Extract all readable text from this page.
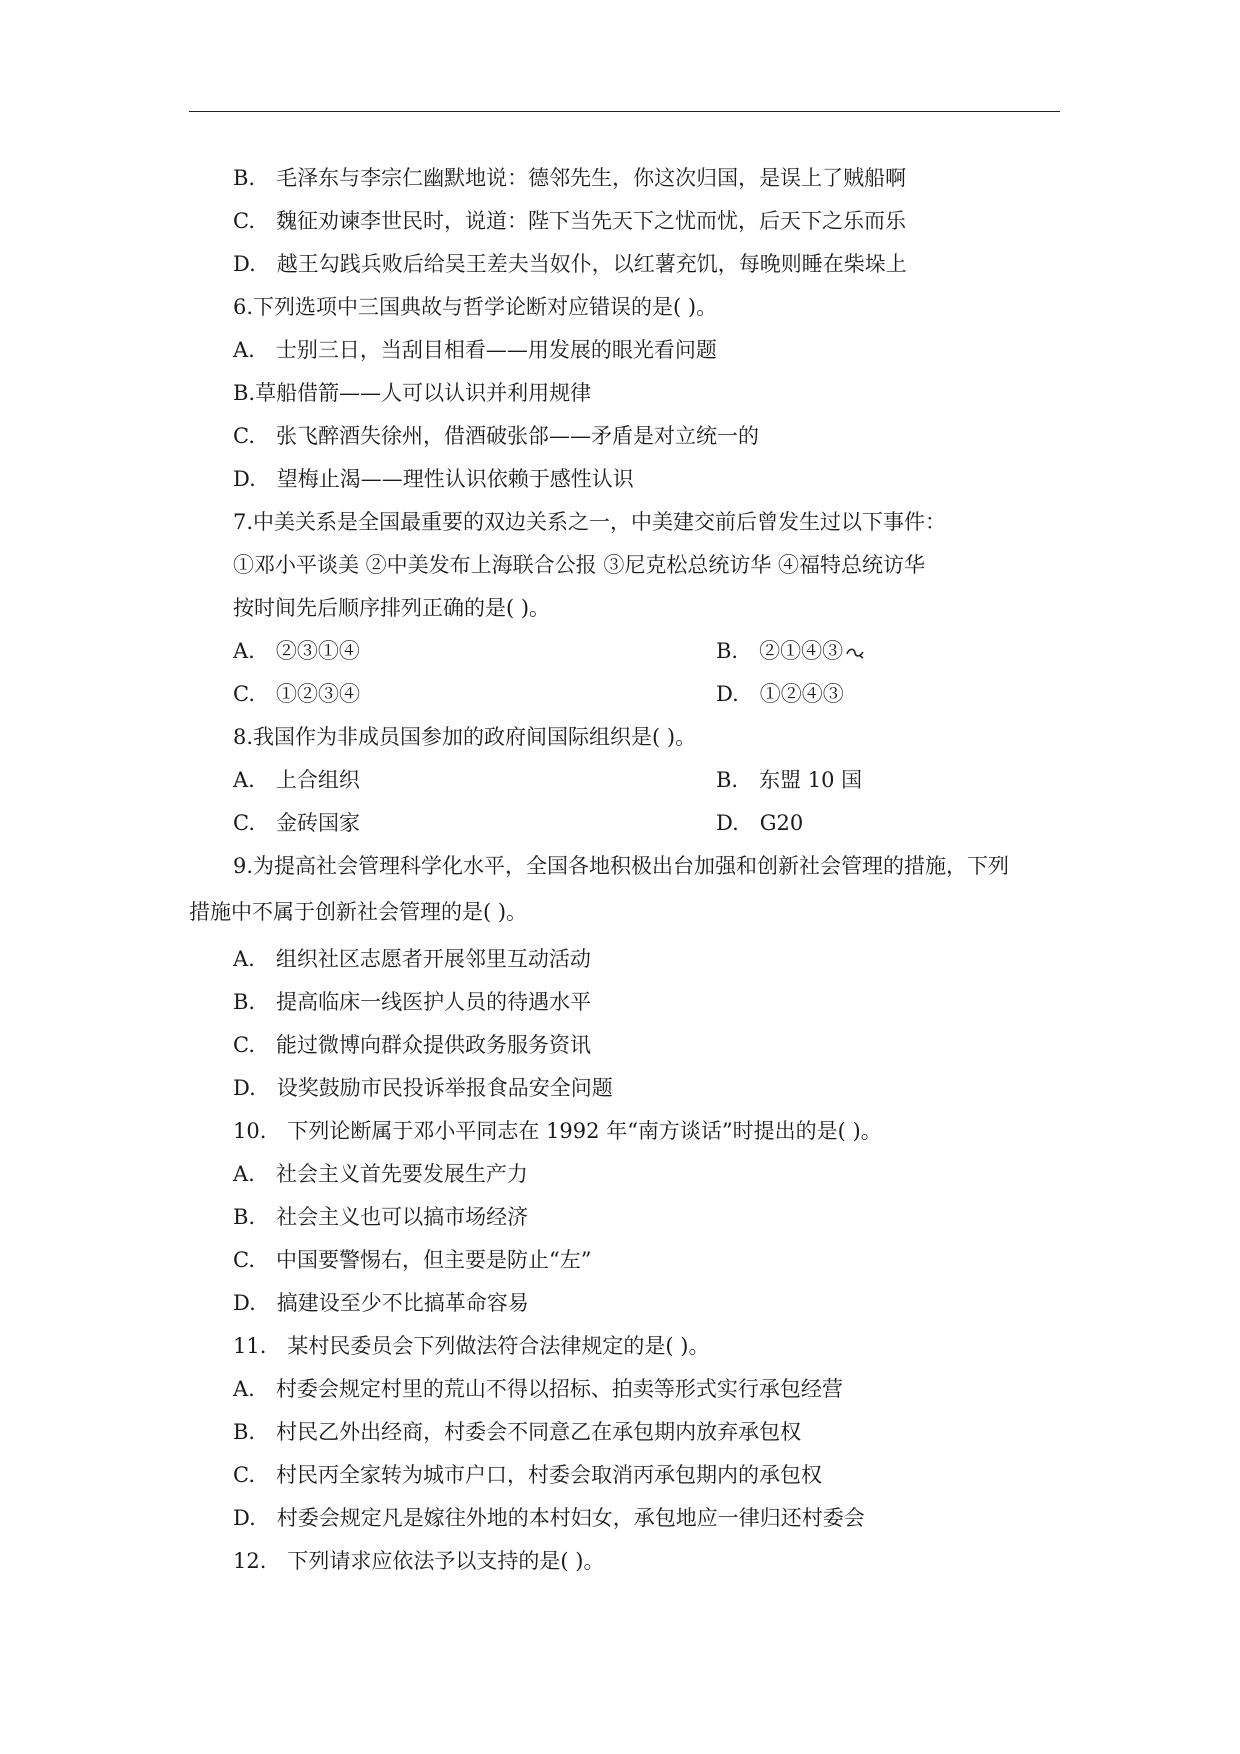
B.　毛泽东与李宗仁幽默地说：德邻先生，你这次归国，是误上了贼船啊
C.　魏征劝谏李世民时，说道：陛下当先天下之忧而忧，后天下之乐而乐
D.　越王勾践兵败后给吴王差夫当奴仆，以红薯充饥，每晚则睡在柴垛上
6.下列选项中三国典故与哲学论断对应错误的是( )。
A.　士别三日，当刮目相看——用发展的眼光看问题
B.草船借箭——人可以认识并利用规律
C.　张飞醉酒失徐州，借酒破张郃——矛盾是对立统一的
D.　望梅止渴——理性认识依赖于感性认识
7.中美关系是全国最重要的双边关系之一，中美建交前后曾发生过以下事件：
①邓小平谈美 ②中美发布上海联合公报 ③尼克松总统访华 ④福特总统访华
按时间先后顺序排列正确的是( )。
A.　②③①④	B.　②①④③
C.　①②③④	D.　①②④③
8.我国作为非成员国参加的政府间国际组织是( )。
A.　上合组织	B.　东盟 10 国
C.　金砖国家	D.　G20
9.为提高社会管理科学化水平，全国各地积极出台加强和创新社会管理的措施，下列
措施中不属于创新社会管理的是( )。
A.　组织社区志愿者开展邻里互动活动
B.　提高临床一线医护人员的待遇水平
C.　能过微博向群众提供政务服务资讯
D.　设奖鼓励市民投诉举报食品安全问题
10.　下列论断属于邓小平同志在 1992 年“南方谈话”时提出的是( )。
A.　社会主义首先要发展生产力
B.　社会主义也可以搞市场经济
C.　中国要警惕右，但主要是防止“左”
D.　搞建设至少不比搞革命容易
11.　某村民委员会下列做法符合法律规定的是( )。
A.　村委会规定村里的荒山不得以招标、拍卖等形式实行承包经营
B.　村民乙外出经商，村委会不同意乙在承包期内放弃承包权
C.　村民丙全家转为城市户口，村委会取消丙承包期内的承包权
D.　村委会规定凡是嫁往外地的本村妇女，承包地应一律归还村委会
12.　下列请求应依法予以支持的是( )。
